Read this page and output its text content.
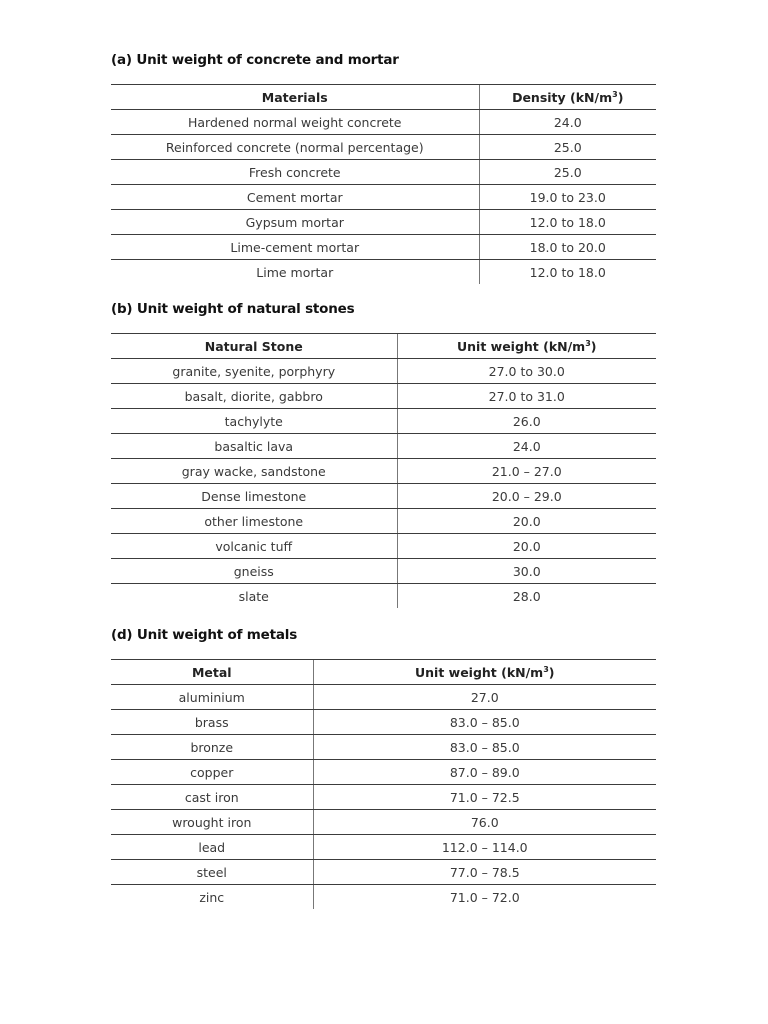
(a) Unit weight of concrete and mortar
Materials	Density $(kN/m^3)$
Hardened normal weight concrete	24.0
Reinforced concrete (normal percentage)	25.0
Fresh concrete	25.0
Cement mortar	19.0 to 23.0
Gypsum mortar	12.0 to 18.0
Lime-cement mortar	18.0 to 20.0
Lime mortar	12.0 to 18.0
(b) Unit weight of natural stones
Natural Stone	Unit weight $(kN/m^3)$
granite, syenite, porphyry	27.0 to 30.0
basalt, diorite, gabbro	27.0 to 31.0
tachylyte	26.0
basaltic lava	24.0
gray wacke, sandstone	21.0 – 27.0
Dense limestone	20.0 – 29.0
other limestone	20.0
volcanic tuff	20.0
gneiss	30.0
slate	28.0
(d) Unit weight of metals
Metal	Unit weight $(kN/m^3)$
aluminium	27.0
brass	83.0 – 85.0
bronze	83.0 – 85.0
copper	87.0 – 89.0
cast iron	71.0 – 72.5
wrought iron	76.0
lead	112.0 – 114.0
steel	77.0 – 78.5
zinc	71.0 – 72.0
